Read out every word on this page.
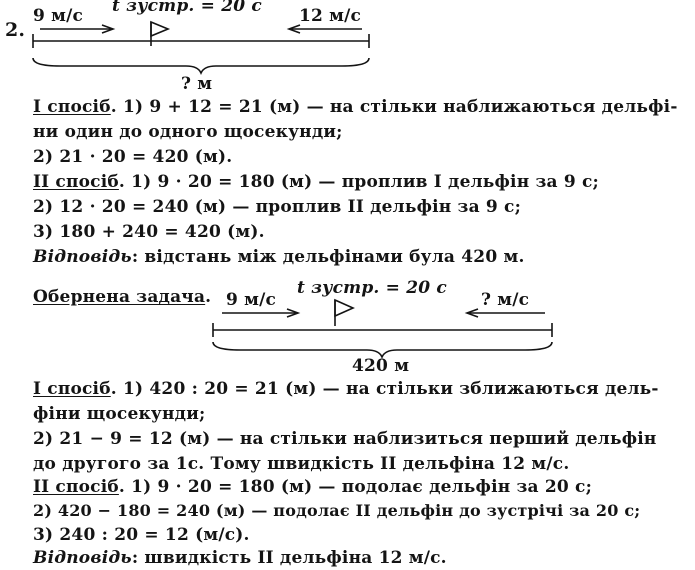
2.
9 м/с t зустр. = 20 с 12 м/с
? м
I спосіб. 1) 9 + 12 = 21 (м) — на стільки наближаються дельфі-
ни один до одного щосекунди;
2) 21 · 20 = 420 (м).
II спосіб. 1) 9 · 20 = 180 (м) — проплив I дельфін за 9 с;
2) 12 · 20 = 240 (м) — проплив II дельфін за 9 с;
3) 180 + 240 = 420 (м).
Відповідь: відстань між дельфінами була 420 м.
Обернена задача. 9 м/с
t зустр. = 20 с
? м/с
420 м
I спосіб. 1) 420 : 20 = 21 (м) — на стільки зближаються дель-
фіни щосекунди;
2) 21 − 9 = 12 (м) — на стільки наблизиться перший дельфін
до другого за 1с. Тому швидкість II дельфіна 12 м/с.
II спосіб. 1) 9 · 20 = 180 (м) — подолає дельфін за 20 с;
2) 420 − 180 = 240 (м) — подолає II дельфін до зустрічі за 20 с;
3) 240 : 20 = 12 (м/с).
Відповідь: швидкість II дельфіна 12 м/с.
